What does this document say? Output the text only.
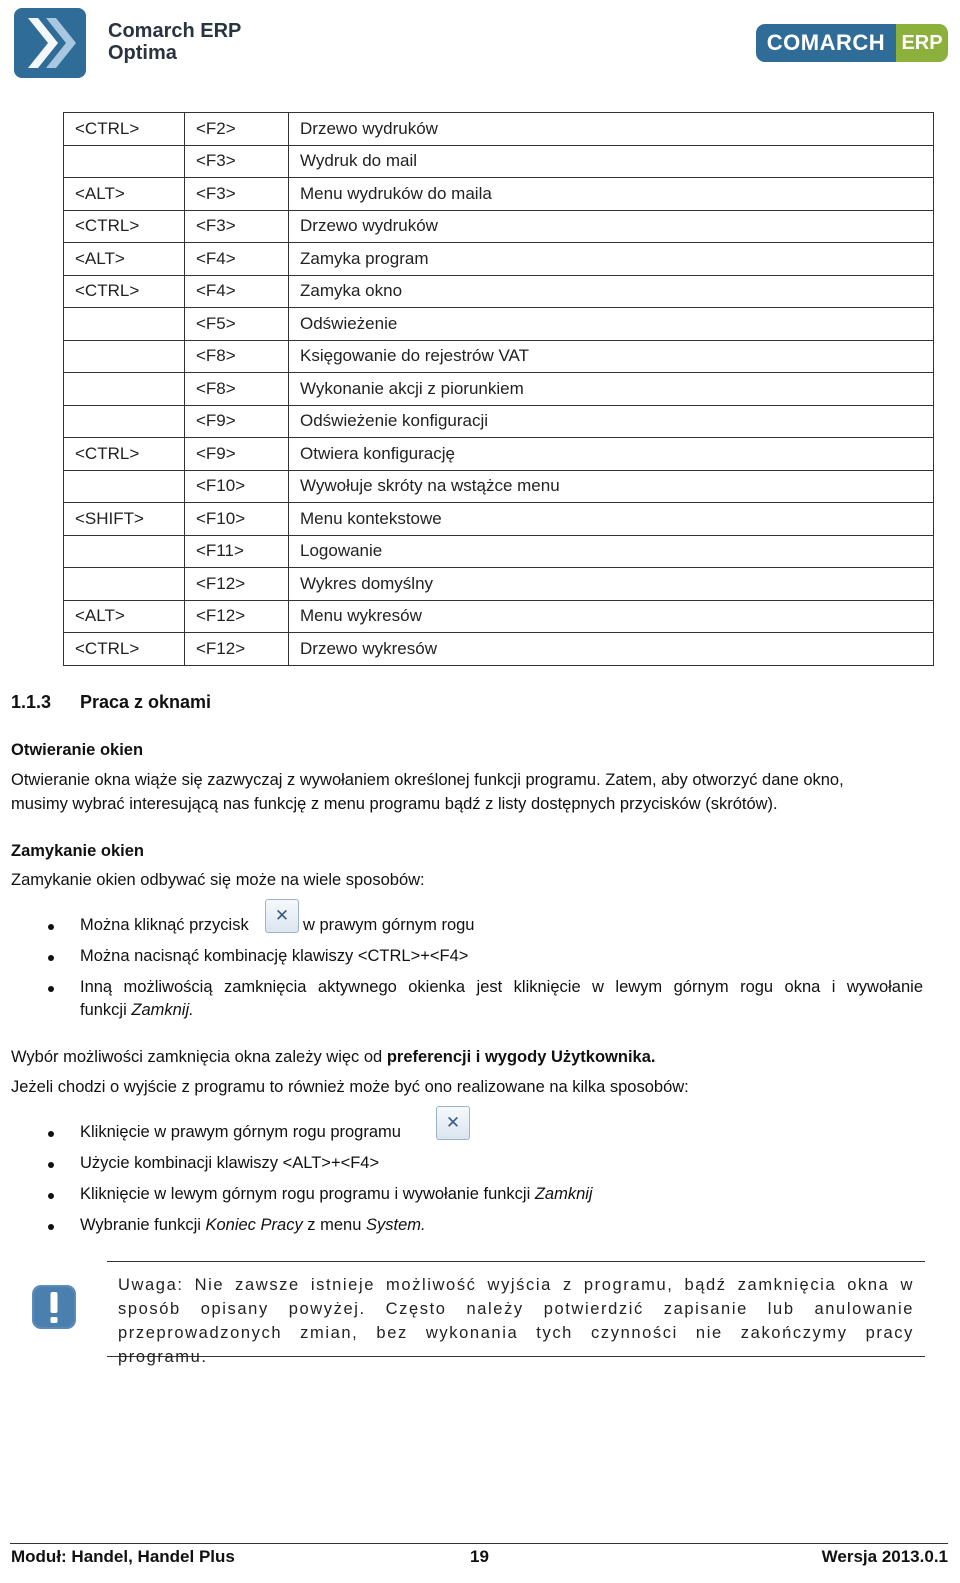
Comarch ERP
Optima	COMARCH ERP
<CTRL>	<F2>	Drzewo wydruków
	<F3>	Wydruk do mail
<ALT>	<F3>	Menu wydruków do maila
<CTRL>	<F3>	Drzewo wydruków
<ALT>	<F4>	Zamyka program
<CTRL>	<F4>	Zamyka okno
	<F5>	Odświeżenie
	<F8>	Księgowanie do rejestrów VAT
	<F8>	Wykonanie akcji z piorunkiem
	<F9>	Odświeżenie konfiguracji
<CTRL>	<F9>	Otwiera konfigurację
	<F10>	Wywołuje skróty na wstążce menu
<SHIFT>	<F10>	Menu kontekstowe
	<F11>	Logowanie
	<F12>	Wykres domyślny
<ALT>	<F12>	Menu wykresów
<CTRL>	<F12>	Drzewo wykresów
1.1.3 Praca z oknami
Otwieranie okien
Otwieranie okna wiąże się zazwyczaj z wywołaniem określonej funkcji programu. Zatem, aby otworzyć dane okno,
musimy wybrać interesującą nas funkcję z menu programu bądź z listy dostępnych przycisków (skrótów).
Zamykanie okien
Zamykanie okien odbywać się może na wiele sposobów:
Można kliknąć przycisk	✕ w prawym górnym rogu
Można nacisnąć kombinację klawiszy <CTRL>+<F4>
Inną możliwością zamknięcia aktywnego okienka jest kliknięcie w lewym górnym rogu okna i wywołanie
funkcji Zamknij.
Wybór możliwości zamknięcia okna zależy więc od preferencji i wygody Użytkownika.
Jeżeli chodzi o wyjście z programu to również może być ono realizowane na kilka sposobów:
Kliknięcie w prawym górnym rogu programu	✕
Użycie kombinacji klawiszy <ALT>+<F4>
Kliknięcie w lewym górnym rogu programu i wywołanie funkcji Zamknij
Wybranie funkcji Koniec Pracy z menu System.
Uwaga: Nie zawsze istnieje możliwość wyjścia z programu, bądź zamknięcia okna w sposób opisany powyżej. Często należy potwierdzić zapisanie lub anulowanie przeprowadzonych zmian, bez wykonania tych czynności nie zakończymy pracy programu.
Moduł: Handel, Handel Plus	19	Wersja 2013.0.1
